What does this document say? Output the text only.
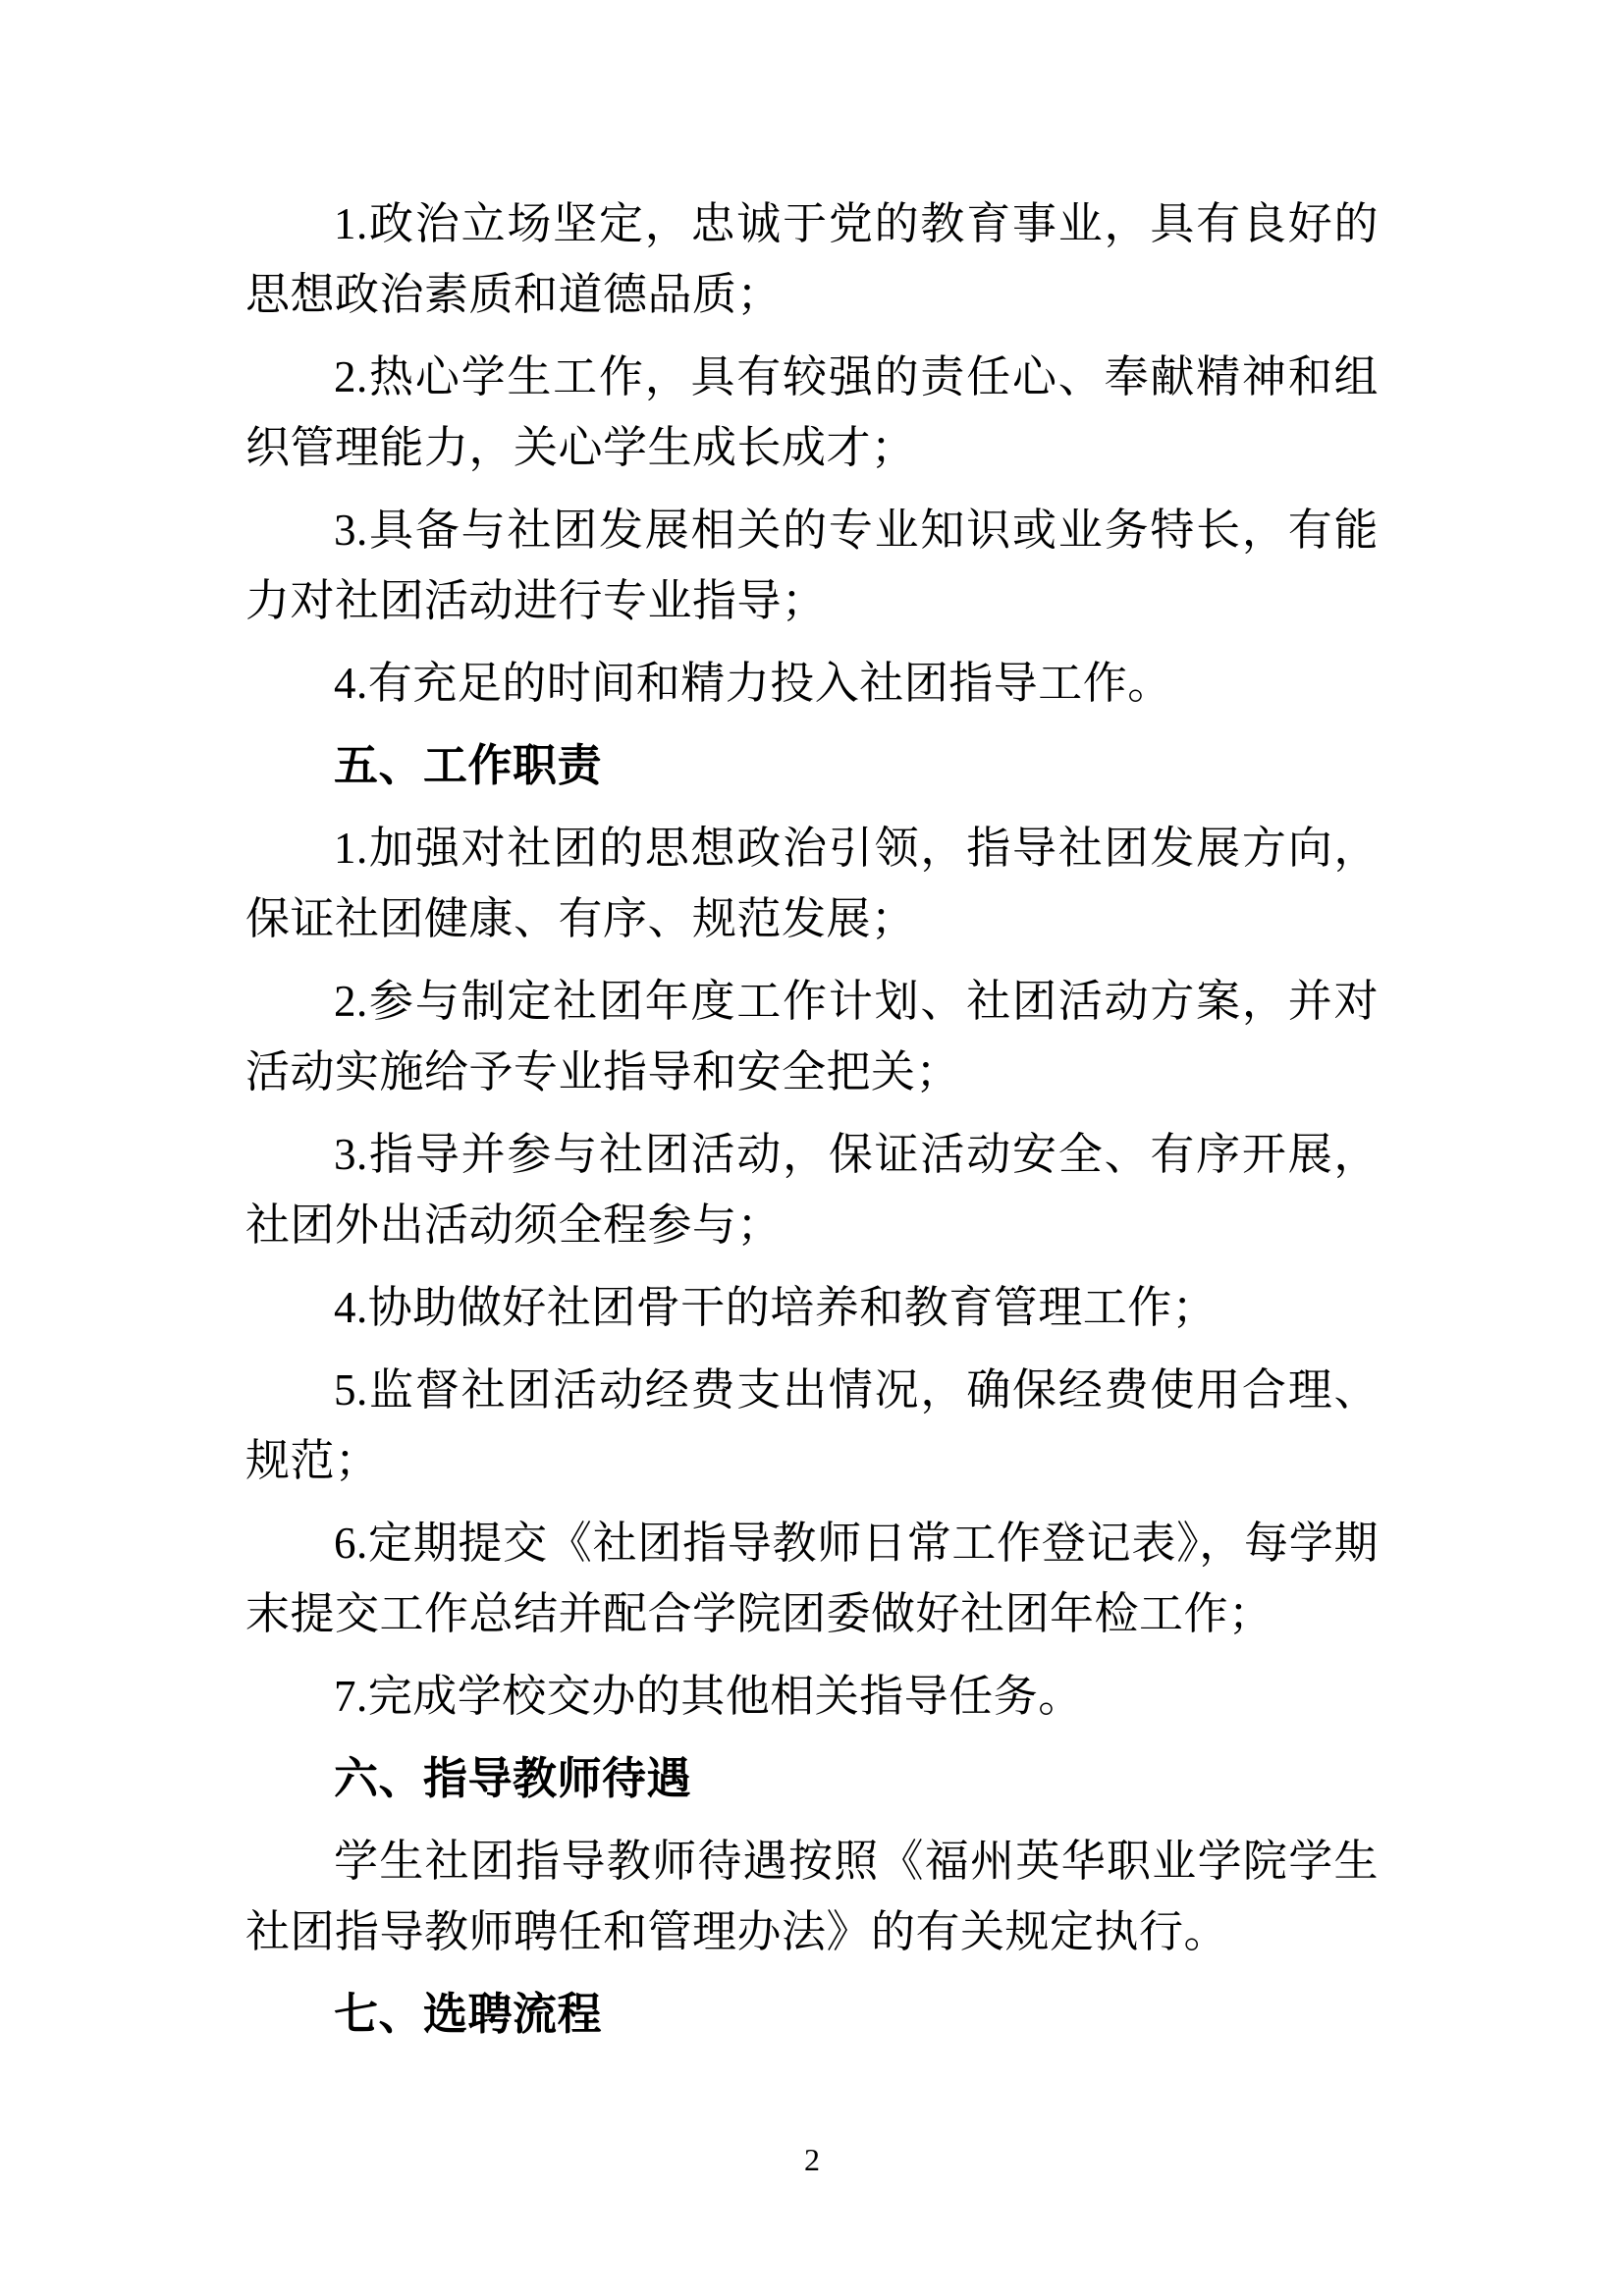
1.政治立场坚定，忠诚于党的教育事业，具有良好的思想政治素质和道德品质；

2.热心学生工作，具有较强的责任心、奉献精神和组织管理能力，关心学生成长成才；

3.具备与社团发展相关的专业知识或业务特长，有能力对社团活动进行专业指导；

4.有充足的时间和精力投入社团指导工作。

五、工作职责

1.加强对社团的思想政治引领，指导社团发展方向，保证社团健康、有序、规范发展；

2.参与制定社团年度工作计划、社团活动方案，并对活动实施给予专业指导和安全把关；

3.指导并参与社团活动，保证活动安全、有序开展，社团外出活动须全程参与；

4.协助做好社团骨干的培养和教育管理工作；

5.监督社团活动经费支出情况，确保经费使用合理、规范；

6.定期提交《社团指导教师日常工作登记表》，每学期末提交工作总结并配合学院团委做好社团年检工作；

7.完成学校交办的其他相关指导任务。

六、指导教师待遇

学生社团指导教师待遇按照《福州英华职业学院学生社团指导教师聘任和管理办法》的有关规定执行。

七、选聘流程

2
